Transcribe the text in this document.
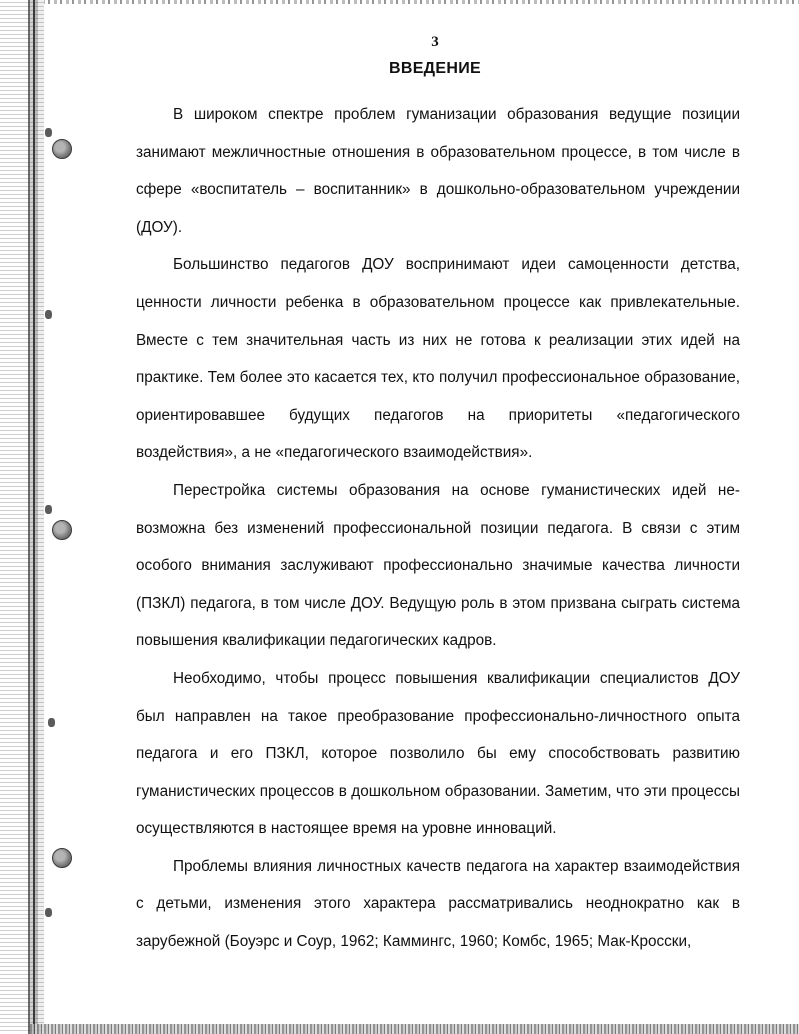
3
ВВЕДЕНИЕ

В широком спектре проблем гуманизации образования ведущие позиции занимают межличностные отношения в образовательном процессе, в том числе в сфере «воспитатель – воспитанник» в дошкольно-образовательном учреждении (ДОУ).

Большинство педагогов ДОУ воспринимают идеи самоценности детства, ценности личности ребенка в образовательном процессе как привлекательные. Вместе с тем значительная часть из них не готова к реализации этих идей на практике. Тем более это касается тех, кто получил профессиональное образование, ориентировавшее будущих педагогов на приоритеты «педагогического воздействия», а не «педагогического взаимодействия».

Перестройка системы образования на основе гуманистических идей невозможна без изменений профессиональной позиции педагога. В связи с этим особого внимания заслуживают профессионально значимые качества личности (ПЗКЛ) педагога, в том числе ДОУ. Ведущую роль в этом призвана сыграть система повышения квалификации педагогических кадров.

Необходимо, чтобы процесс повышения квалификации специалистов ДОУ был направлен на такое преобразование профессионально-личностного опыта педагога и его ПЗКЛ, которое позволило бы ему способствовать развитию гуманистических процессов в дошкольном образовании. Заметим, что эти процессы осуществляются в настоящее время на уровне инноваций.

Проблемы влияния личностных качеств педагога на характер взаимодействия с детьми, изменения этого характера рассматривались неоднократно как в зарубежной (Боуэрс и Соур, 1962; Каммингс, 1960; Комбс, 1965; Мак-Кросски,
